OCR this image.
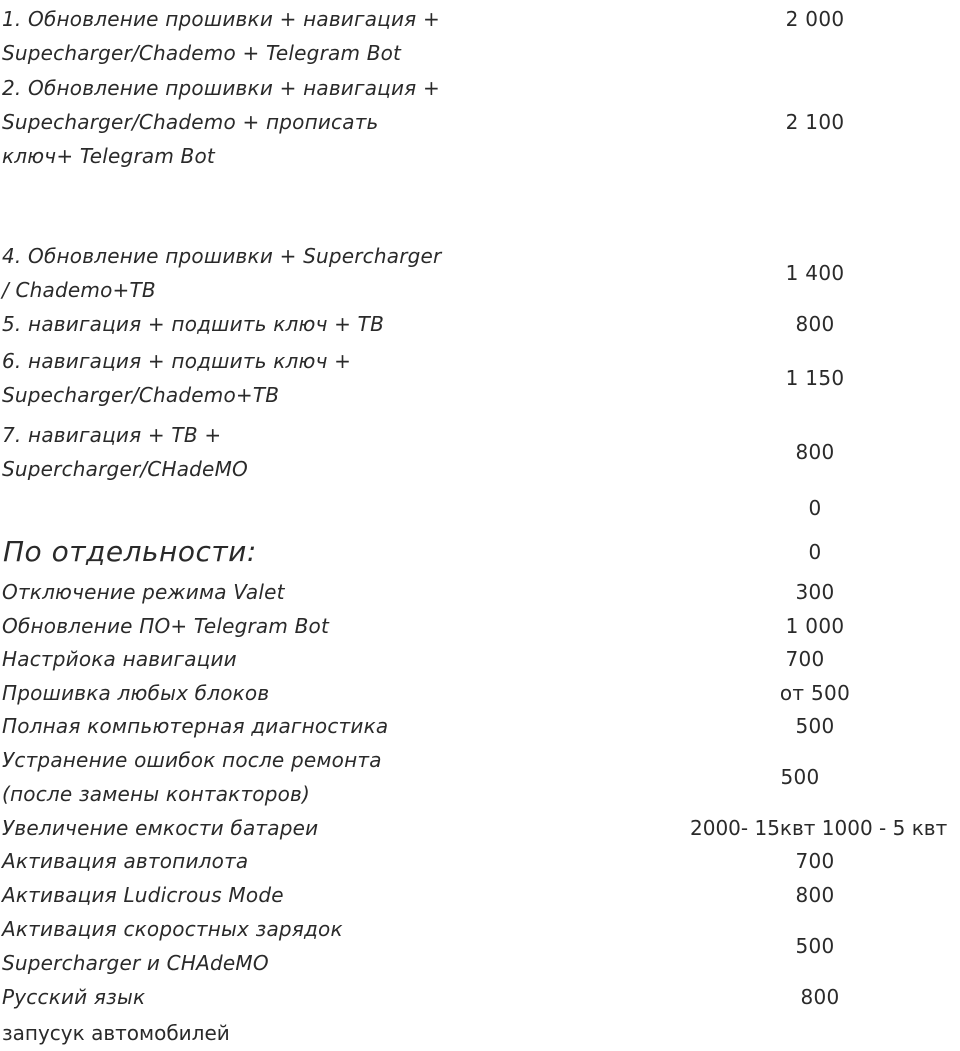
1. Обновление прошивки + навигация + Supecharger/Chademo + Telegram Bot
2 000
2. Обновление прошивки + навигация + Supecharger/Chademo + прописать ключ+ Telegram Bot
2 100
4. Обновление прошивки + Supercharger / Chademo+ТВ
1 400
5. навигация + подшить ключ + ТВ	800
6. навигация + подшить ключ + Supecharger/Chademo+ТВ
1 150
7. навигация + ТВ + Supercharger/CHadeMO
800
0
По отдельности:	0
Отключение режима Valet	300
Обновление ПО+ Telegram Bot	1 000
Настрйока навигации	700
Прошивка любых блоков	от 500
Полная компьютерная диагностика	500
Устранение ошибок после ремонта (после замены контакторов)
500
Увеличение емкости батареи	2000- 15квт 1000 - 5 квт
Активация автопилота	700
Активация Ludicrous Mode	800
Активация скоростных зарядок Supercharger и CHAdeMO
500
Русский язык	800
запусук автомобилей
